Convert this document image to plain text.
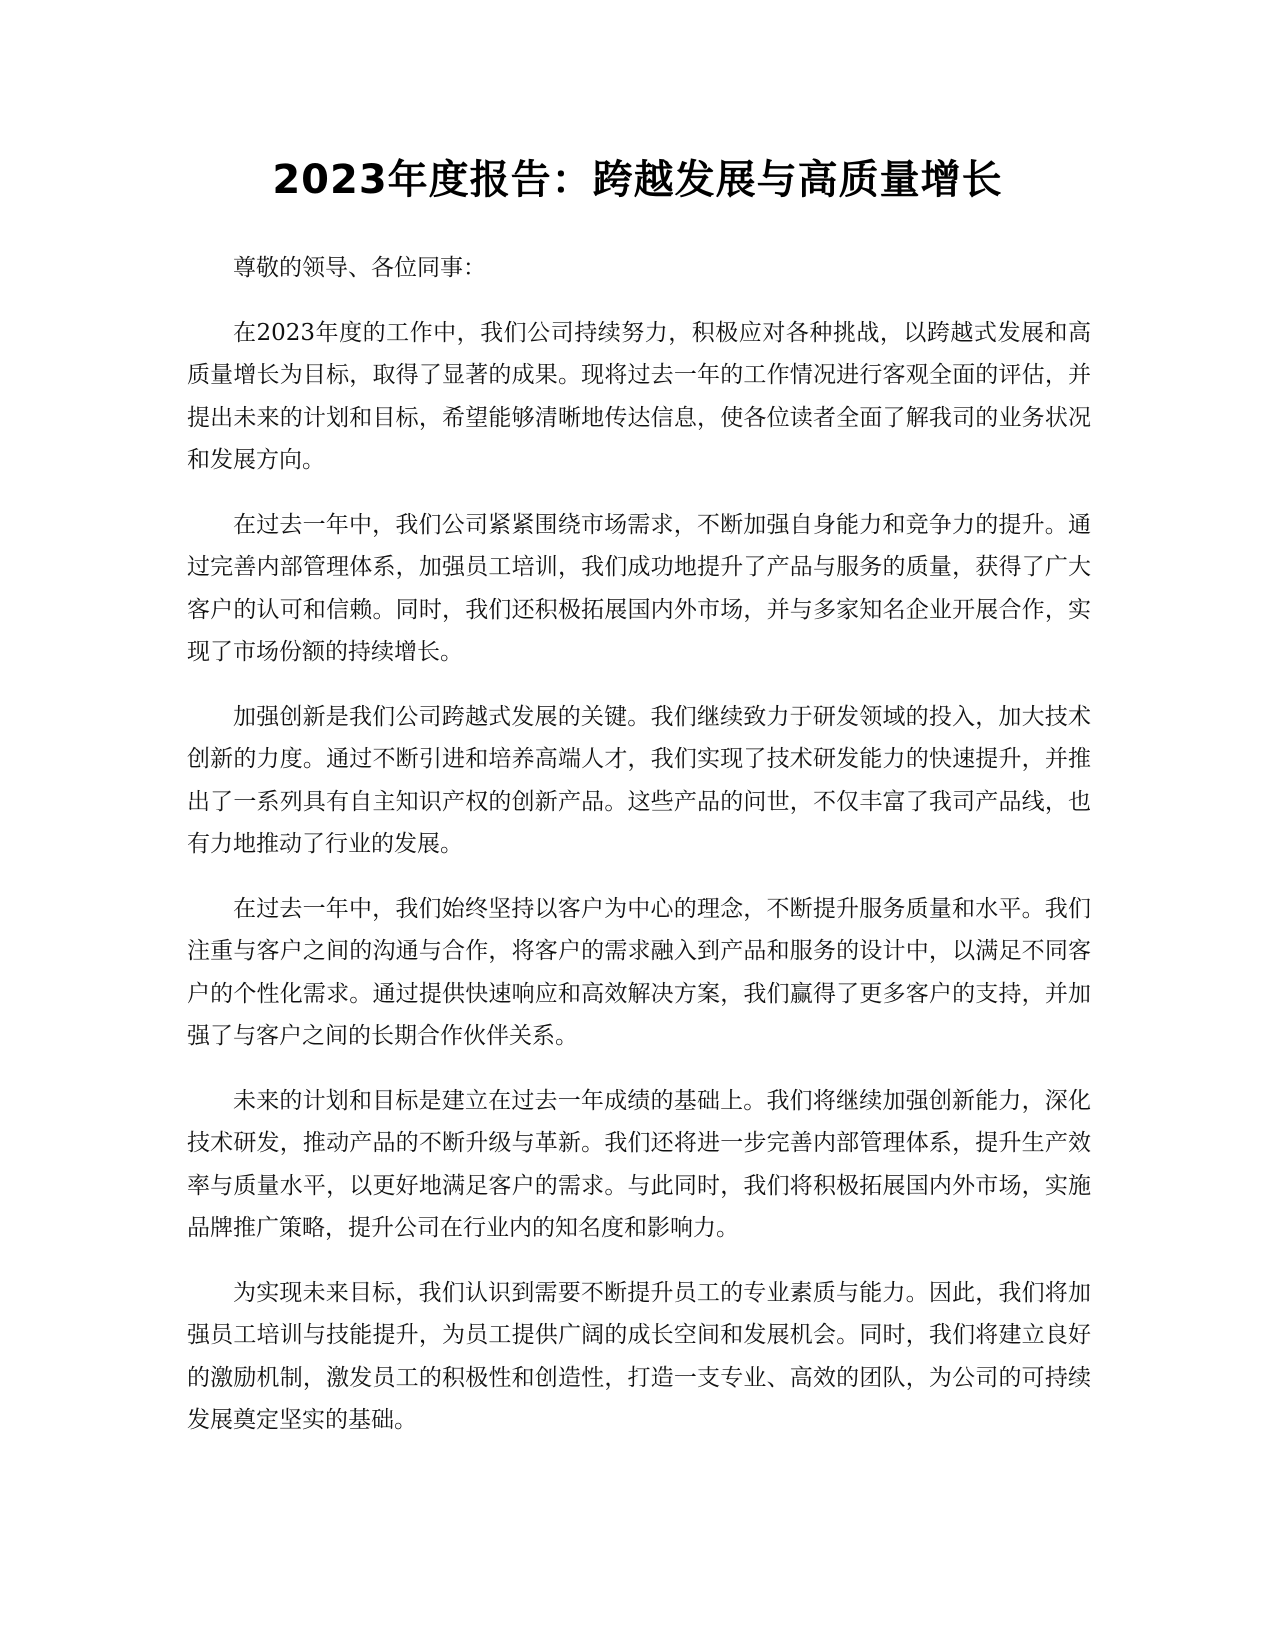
2023年度报告：跨越发展与高质量增长

尊敬的领导、各位同事：

在2023年度的工作中，我们公司持续努力，积极应对各种挑战，以跨越式发展和高质量增长为目标，取得了显著的成果。现将过去一年的工作情况进行客观全面的评估，并提出未来的计划和目标，希望能够清晰地传达信息，使各位读者全面了解我司的业务状况和发展方向。

在过去一年中，我们公司紧紧围绕市场需求，不断加强自身能力和竞争力的提升。通过完善内部管理体系，加强员工培训，我们成功地提升了产品与服务的质量，获得了广大客户的认可和信赖。同时，我们还积极拓展国内外市场，并与多家知名企业开展合作，实现了市场份额的持续增长。

加强创新是我们公司跨越式发展的关键。我们继续致力于研发领域的投入，加大技术创新的力度。通过不断引进和培养高端人才，我们实现了技术研发能力的快速提升，并推出了一系列具有自主知识产权的创新产品。这些产品的问世，不仅丰富了我司产品线，也有力地推动了行业的发展。

在过去一年中，我们始终坚持以客户为中心的理念，不断提升服务质量和水平。我们注重与客户之间的沟通与合作，将客户的需求融入到产品和服务的设计中，以满足不同客户的个性化需求。通过提供快速响应和高效解决方案，我们赢得了更多客户的支持，并加强了与客户之间的长期合作伙伴关系。

未来的计划和目标是建立在过去一年成绩的基础上。我们将继续加强创新能力，深化技术研发，推动产品的不断升级与革新。我们还将进一步完善内部管理体系，提升生产效率与质量水平，以更好地满足客户的需求。与此同时，我们将积极拓展国内外市场，实施品牌推广策略，提升公司在行业内的知名度和影响力。

为实现未来目标，我们认识到需要不断提升员工的专业素质与能力。因此，我们将加强员工培训与技能提升，为员工提供广阔的成长空间和发展机会。同时，我们将建立良好的激励机制，激发员工的积极性和创造性，打造一支专业、高效的团队，为公司的可持续发展奠定坚实的基础。
